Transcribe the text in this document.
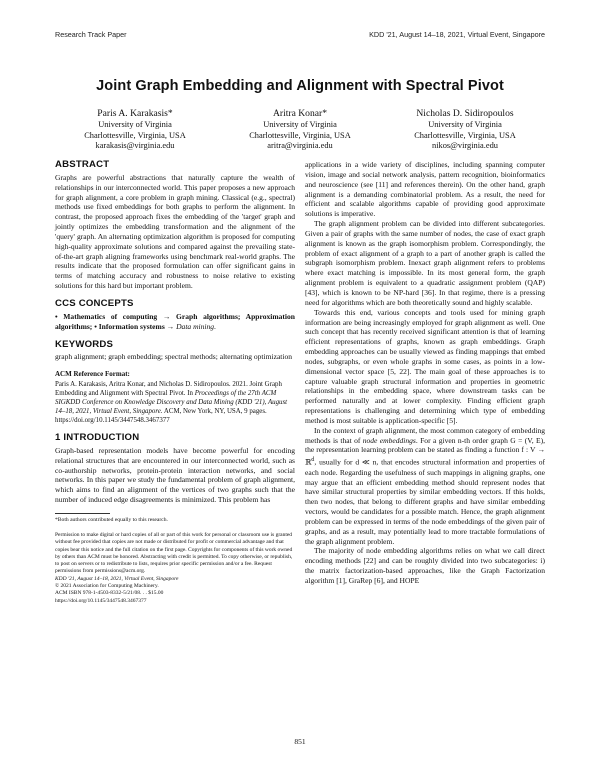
Research Track Paper	KDD '21, August 14–18, 2021, Virtual Event, Singapore
Joint Graph Embedding and Alignment with Spectral Pivot
Paris A. Karakasis*
University of Virginia
Charlottesville, Virginia, USA
karakasis@virginia.edu
Aritra Konar*
University of Virginia
Charlottesville, Virginia, USA
aritra@virginia.edu
Nicholas D. Sidiropoulos
University of Virginia
Charlottesville, Virginia, USA
nikos@virginia.edu
ABSTRACT

Graphs are powerful abstractions that naturally capture the wealth of relationships in our interconnected world. This paper proposes a new approach for graph alignment, a core problem in graph mining. Classical (e.g., spectral) methods use fixed embeddings for both graphs to perform the alignment. In contrast, the proposed approach fixes the embedding of the 'target' graph and jointly optimizes the embedding transformation and the alignment of the 'query' graph. An alternating optimization algorithm is proposed for computing high-quality approximate solutions and compared against the prevailing state-of-the-art graph aligning frameworks using benchmark real-world graphs. The results indicate that the proposed formulation can offer significant gains in terms of matching accuracy and robustness to noise relative to existing solutions for this hard but important problem.

CCS CONCEPTS

• Mathematics of computing → Graph algorithms; Approximation algorithms; • Information systems → Data mining.

KEYWORDS

graph alignment; graph embedding; spectral methods; alternating optimization

ACM Reference Format:

Paris A. Karakasis, Aritra Konar, and Nicholas D. Sidiropoulos. 2021. Joint Graph Embedding and Alignment with Spectral Pivot. In Proceedings of the 27th ACM SIGKDD Conference on Knowledge Discovery and Data Mining (KDD '21), August 14–18, 2021, Virtual Event, Singapore. ACM, New York, NY, USA, 9 pages. https://doi.org/10.1145/3447548.3467377

1 INTRODUCTION

Graph-based representation models have become powerful for encoding relational structures that are encountered in our interconnected world, such as co-authorship networks, protein-protein interaction networks, and social networks. In this paper we study the fundamental problem of graph alignment, which aims to find an alignment of the vertices of two graphs such that the number of induced edge disagreements is minimized. This problem has

*Both authors contributed equally to this research.

Permission to make digital or hard copies of all or part of this work for personal or classroom use is granted without fee provided that copies are not made or distributed for profit or commercial advantage and that copies bear this notice and the full citation on the first page. Copyrights for components of this work owned by others than ACM must be honored. Abstracting with credit is permitted. To copy otherwise, or republish, to post on servers or to redistribute to lists, requires prior specific permission and/or a fee. Request permissions from permissions@acm.org.

KDD '21, August 14–18, 2021, Virtual Event, Singapore

© 2021 Association for Computing Machinery.

ACM ISBN 978-1-4503-8332-5/21/08. . . $15.00

https://doi.org/10.1145/3447548.3467377

applications in a wide variety of disciplines, including spanning computer vision, image and social network analysis, pattern recognition, bioinformatics and neuroscience (see [11] and references therein). On the other hand, graph alignment is a demanding combinatorial problem. As a result, the need for efficient and scalable algorithms capable of providing good approximate solutions is imperative.

The graph alignment problem can be divided into different subcategories. Given a pair of graphs with the same number of nodes, the case of exact graph alignment is known as the graph isomorphism problem. Correspondingly, the problem of exact alignment of a graph to a part of another graph is called the subgraph isomorphism problem. Inexact graph alignment refers to problems where exact matching is impossible. In its most general form, the graph alignment problem is equivalent to a quadratic assignment problem (QAP) [43], which is known to be NP-hard [36]. In that regime, there is a pressing need for algorithms which are both theoretically sound and highly scalable.

Towards this end, various concepts and tools used for mining graph information are being increasingly employed for graph alignment as well. One such concept that has recently received significant attention is that of learning efficient representations of graphs, known as graph embeddings. Graph embedding approaches can be usually viewed as finding mappings that embed nodes, subgraphs, or even whole graphs in some cases, as points in a low-dimensional vector space [5, 22]. The main goal of these approaches is to capture valuable graph structural information and properties in geometric relationships in the embedding space, where downstream tasks can be performed naturally and at lower complexity. Finding efficient graph representations is challenging and determining which type of embedding method is most suitable is application-specific [5].

In the context of graph alignment, the most common category of embedding methods is that of node embeddings. For a given n-th order graph G = (V, E), the representation learning problem can be stated as finding a function f : V → ℝ$^d$, usually for d ≪ n, that encodes structural information and properties of each node. Regarding the usefulness of such mappings in aligning graphs, one may argue that an efficient embedding method should represent nodes that have similar structural properties by similar embedding vectors. If this holds, then two nodes, that belong to different graphs and have similar embedding vectors, would be candidates for a possible match. Hence, the graph alignment problem can be expressed in terms of the node embeddings of the given pair of graphs, and as a result, may potentially lead to more tractable formulations of the graph alignment problem.

The majority of node embedding algorithms relies on what we call direct encoding methods [22] and can be roughly divided into two subcategories: i) the matrix factorization-based approaches, like the Graph Factorization algorithm [1], GraRep [6], and HOPE

851
